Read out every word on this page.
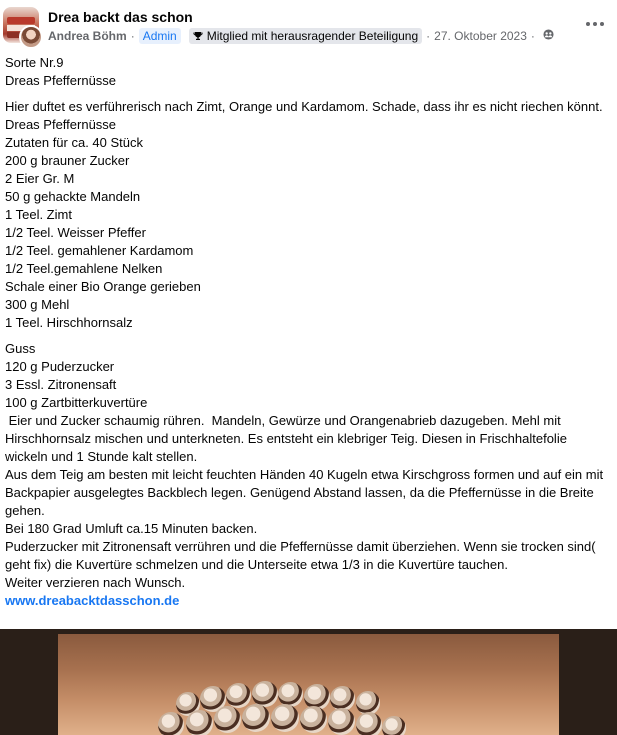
Drea backt das schon
Andrea Böhm · Admin	Mitglied mit herausragender Beteiligung · 27. Oktober 2023 ·

Sorte Nr.9

Dreas Pfeffernüsse

Hier duftet es verführerisch nach Zimt, Orange und Kardamom. Schade, dass ihr es nicht riechen könnt.

Dreas Pfeffernüsse

Zutaten für ca. 40 Stück

200 g brauner Zucker

2 Eier Gr. M

50 g gehackte Mandeln

1 Teel. Zimt

1/2 Teel. Weisser Pfeffer

1/2 Teel. gemahlener Kardamom

1/2 Teel.gemahlene Nelken

Schale einer Bio Orange gerieben

300 g Mehl

1 Teel. Hirschhornsalz

Guss

120 g Puderzucker

3 Essl. Zitronensaft

100 g Zartbitterkuvertüre

Eier und Zucker schaumig rühren.  Mandeln, Gewürze und Orangenabrieb dazugeben. Mehl mit Hirschhornsalz mischen und unterkneten. Es entsteht ein klebriger Teig. Diesen in Frischhaltefolie wickeln und 1 Stunde kalt stellen.

Aus dem Teig am besten mit leicht feuchten Händen 40 Kugeln etwa Kirschgross formen und auf ein mit Backpapier ausgelegtes Backblech legen. Genügend Abstand lassen, da die Pfeffernüsse in die Breite gehen.

Bei 180 Grad Umluft ca.15 Minuten backen.

Puderzucker mit Zitronensaft verrühren und die Pfeffernüsse damit überziehen. Wenn sie trocken sind( geht fix) die Kuvertüre schmelzen und die Unterseite etwa 1/3 in die Kuvertüre tauchen.

Weiter verzieren nach Wunsch.

www.dreabacktdasschon.de
